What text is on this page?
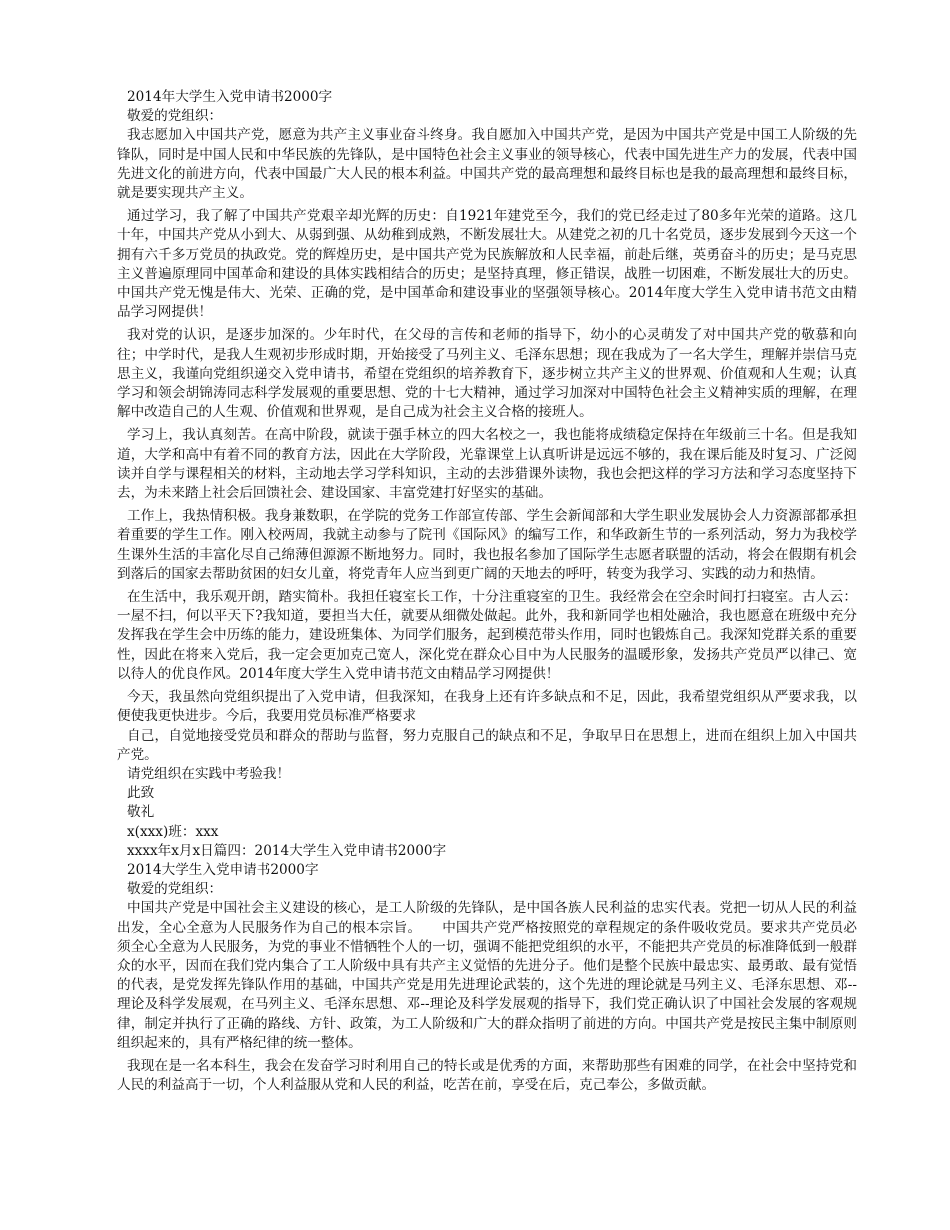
2014年大学生入党申请书2000字

敬爱的党组织：

我志愿加入中国共产党，愿意为共产主义事业奋斗终身。我自愿加入中国共产党，是因为中国共产党是中国工人阶级的先锋队，同时是中国人民和中华民族的先锋队，是中国特色社会主义事业的领导核心，代表中国先进生产力的发展，代表中国先进文化的前进方向，代表中国最广大人民的根本利益。中国共产党的最高理想和最终目标也是我的最高理想和最终目标，就是要实现共产主义。

通过学习，我了解了中国共产党艰辛却光辉的历史：自1921年建党至今，我们的党已经走过了80多年光荣的道路。这几十年，中国共产党从小到大、从弱到强、从幼稚到成熟，不断发展壮大。从建党之初的几十名党员，逐步发展到今天这一个拥有六千多万党员的执政党。党的辉煌历史，是中国共产党为民族解放和人民幸福，前赴后继，英勇奋斗的历史；是马克思主义普遍原理同中国革命和建设的具体实践相结合的历史；是坚持真理，修正错误，战胜一切困难，不断发展壮大的历史。中国共产党无愧是伟大、光荣、正确的党，是中国革命和建设事业的坚强领导核心。2014年度大学生入党申请书范文由精品学习网提供！

我对党的认识，是逐步加深的。少年时代，在父母的言传和老师的指导下，幼小的心灵萌发了对中国共产党的敬慕和向往；中学时代，是我人生观初步形成时期，开始接受了马列主义、毛泽东思想；现在我成为了一名大学生，理解并崇信马克思主义，我谨向党组织递交入党申请书，希望在党组织的培养教育下，逐步树立共产主义的世界观、价值观和人生观；认真学习和领会胡锦涛同志科学发展观的重要思想、党的十七大精神，通过学习加深对中国特色社会主义精神实质的理解，在理解中改造自己的人生观、价值观和世界观，是自己成为社会主义合格的接班人。

学习上，我认真刻苦。在高中阶段，就读于强手林立的四大名校之一，我也能将成绩稳定保持在年级前三十名。但是我知道，大学和高中有着不同的教育方法，因此在大学阶段，光靠课堂上认真听讲是远远不够的，我在课后能及时复习、广泛阅读并自学与课程相关的材料，主动地去学习学科知识，主动的去涉猎课外读物，我也会把这样的学习方法和学习态度坚持下去，为未来踏上社会后回馈社会、建设国家、丰富党建打好坚实的基础。

工作上，我热情积极。我身兼数职，在学院的党务工作部宣传部、学生会新闻部和大学生职业发展协会人力资源部都承担着重要的学生工作。刚入校两周，我就主动参与了院刊《国际风》的编写工作，和华政新生节的一系列活动，努力为我校学生课外生活的丰富化尽自己绵薄但源源不断地努力。同时，我也报名参加了国际学生志愿者联盟的活动，将会在假期有机会到落后的国家去帮助贫困的妇女儿童，将党青年人应当到更广阔的天地去的呼吁，转变为我学习、实践的动力和热情。

在生活中，我乐观开朗，踏实简朴。我担任寝室长工作，十分注重寝室的卫生。我经常会在空余时间打扫寝室。古人云：一屋不扫，何以平天下?我知道，要担当大任，就要从细微处做起。此外，我和新同学也相处融洽，我也愿意在班级中充分发挥我在学生会中历练的能力，建设班集体、为同学们服务，起到模范带头作用，同时也锻炼自己。我深知党群关系的重要性，因此在将来入党后，我一定会更加克己宽人，深化党在群众心目中为人民服务的温暖形象，发扬共产党员严以律己、宽以待人的优良作风。2014年度大学生入党申请书范文由精品学习网提供！

今天，我虽然向党组织提出了入党申请，但我深知，在我身上还有许多缺点和不足，因此，我希望党组织从严要求我，以便使我更快进步。今后，我要用党员标准严格要求

自己，自觉地接受党员和群众的帮助与监督，努力克服自己的缺点和不足，争取早日在思想上，进而在组织上加入中国共产党。

请党组织在实践中考验我！

此致

敬礼

x(xxx)班：xxx

xxxx年x月x日篇四：2014大学生入党申请书2000字

2014大学生入党申请书2000字

敬爱的党组织：

中国共产党是中国社会主义建设的核心，是工人阶级的先锋队，是中国各族人民利益的忠实代表。党把一切从人民的利益出发，全心全意为人民服务作为自己的根本宗旨。　　中国共产党严格按照党的章程规定的条件吸收党员。要求共产党员必须全心全意为人民服务，为党的事业不惜牺牲个人的一切，强调不能把党组织的水平，不能把共产党员的标准降低到一般群众的水平，因而在我们党内集合了工人阶级中具有共产主义觉悟的先进分子。他们是整个民族中最忠实、最勇敢、最有觉悟的代表，是党发挥先锋队作用的基础，中国共产党是用先进理论武装的，这个先进的理论就是马列主义、毛泽东思想、邓--理论及科学发展观，在马列主义、毛泽东思想、邓--理论及科学发展观的指导下，我们党正确认识了中国社会发展的客观规律，制定并执行了正确的路线、方针、政策，为工人阶级和广大的群众指明了前进的方向。中国共产党是按民主集中制原则组织起来的，具有严格纪律的统一整体。

我现在是一名本科生，我会在发奋学习时利用自己的特长或是优秀的方面，来帮助那些有困难的同学，在社会中坚持党和人民的利益高于一切，个人利益服从党和人民的利益，吃苦在前，享受在后，克己奉公，多做贡献。
